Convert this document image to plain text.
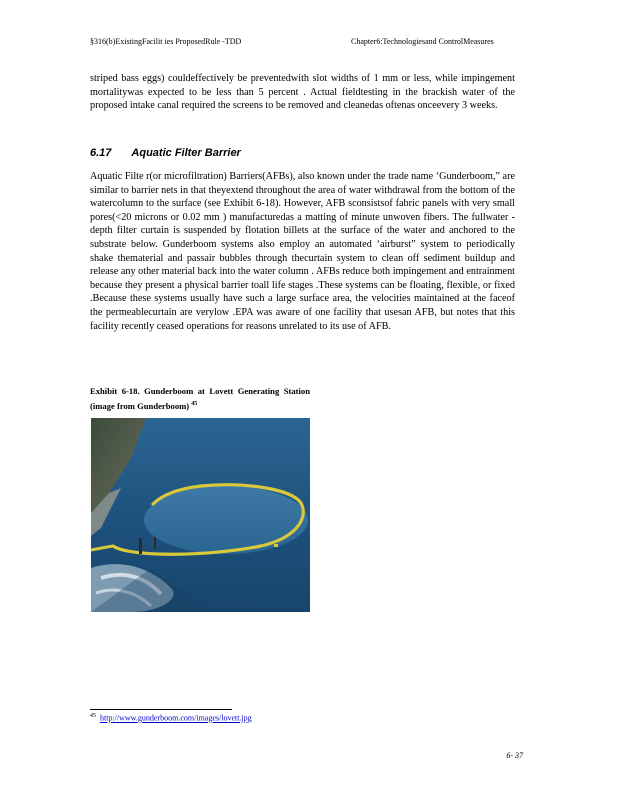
§316(b)ExistingFacilit ies ProposedRule -TDD	Chapter6:Technologiesand ControlMeasures

striped bass eggs) couldeffectively be preventedwith slot widths of 1 mm or less, while impingement mortalitywas expected to be less than 5 percent . Actual fieldtesting in the brackish water of the proposed intake canal required the screens to be removed and cleanedas oftenas onceevery 3 weeks.

6.17 Aquatic Filter Barrier

Aquatic Filte r(or microfiltration) Barriers(AFBs), also known under the trade name ‘Gunderboom,” are similar to barrier nets in that theyextend throughout the area of water withdrawal from the bottom of the watercolumn to the surface (see Exhibit 6-18). However, AFB sconsistsof fabric panels with very small pores(<20 microns or 0.02 mm ) manufacturedas a matting of minute unwoven fibers. The fullwater -depth filter curtain is suspended by flotation billets at the surface of the water and anchored to the substrate below. Gunderboom systems also employ an automated ‘airburst” system to periodically shake thematerial and passair bubbles through thecurtain system to clean off sediment buildup and release any other material back into the water column . AFBs reduce both impingement and entrainment because they present a physical barrier toall life stages .These systems can be floating, flexible, or fixed .Because these systems usually have such a large surface area, the velocities maintained at the faceof the permeablecurtain are verylow .EPA was aware of one facility that usesan AFB, but notes that this facility recently ceased operations for reasons unrelated to its use of AFB.

Exhibit 6-18. Gunderboom at Lovett Generating Station (image from Gunderboom) $^{45}$
$^{45}$ http://www.gunderboom.com/images/lovett.jpg
6- 37
